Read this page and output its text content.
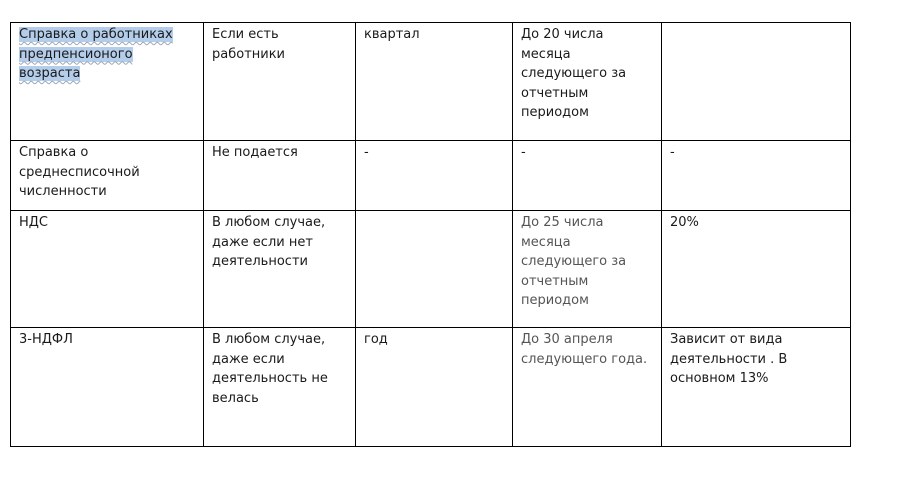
Справка о работниках предпенсионого возраста	Если есть работники	квартал	До 20 числа месяца следующего за отчетным периодом	
Справка о среднесписочной численности	Не подается	-	-	-
НДС	В любом случае, даже если нет деятельности		До 25 числа месяца следующего за отчетным периодом	20%
3-НДФЛ	В любом случае, даже если деятельность не велась	год	До 30 апреля следующего года.	Зависит от вида деятельности . В основном 13%
